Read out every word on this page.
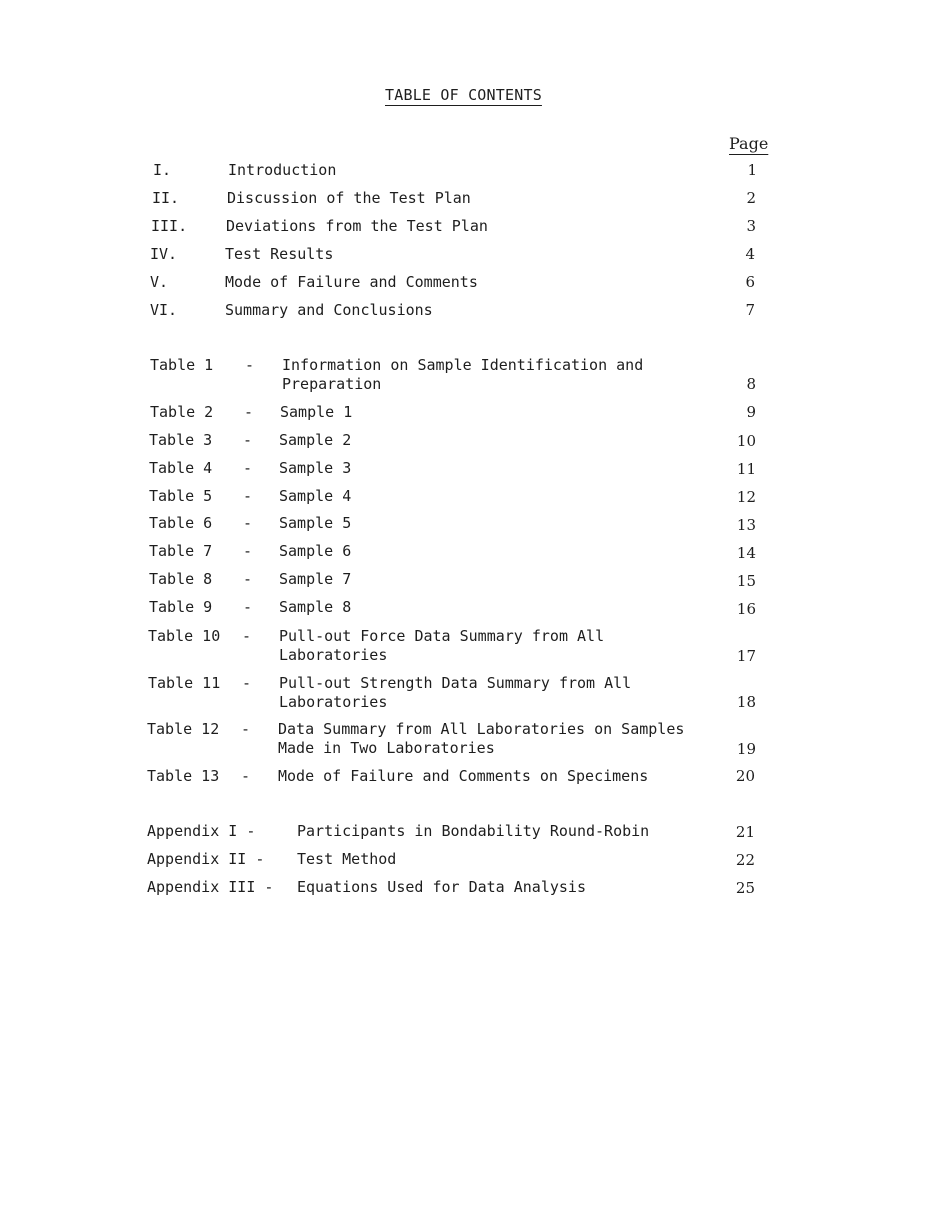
TABLE OF CONTENTS
Page
I.	Introduction	1
II.	Discussion of the Test Plan	2
III.	Deviations from the Test Plan	3
IV.	Test Results	4
V.	Mode of Failure and Comments	6
VI.	Summary and Conclusions	7
Table 1 - Information on Sample Identification and
Preparation	8
Table 2 - Sample 1	9
Table 3 - Sample 2	10
Table 4 - Sample 3	11
Table 5 - Sample 4	12
Table 6 - Sample 5	13
Table 7 - Sample 6	14
Table 8 - Sample 7	15
Table 9 - Sample 8	16
Table 10 - Pull-out Force Data Summary from All
Laboratories	17
Table 11 - Pull-out Strength Data Summary from All
Laboratories	18
Table 12 - Data Summary from All Laboratories on Samples
Made in Two Laboratories	19
Table 13 - Mode of Failure and Comments on Specimens	20
Appendix I -	Participants in Bondability Round-Robin	21
Appendix II - Test Method	22
Appendix III - Equations Used for Data Analysis	25
